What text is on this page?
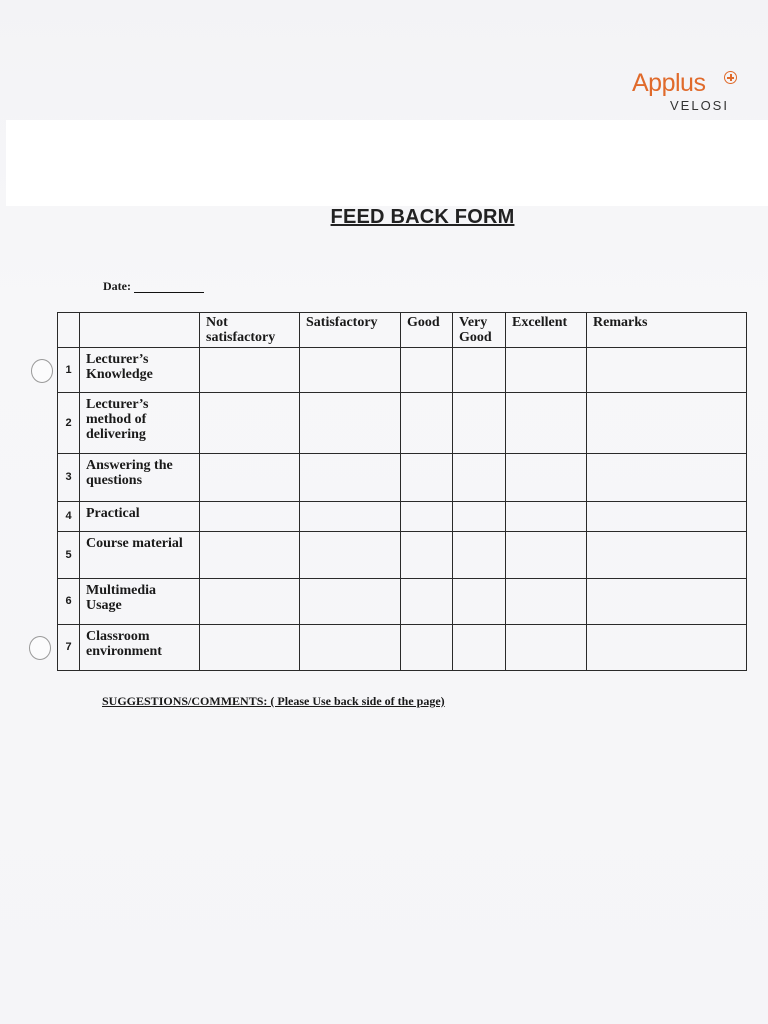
Applus
VELOSI
FEED BACK FORM
Date:
		Not satisfactory	Satisfactory	Good	Very Good	Excellent	Remarks
1	Lecturer’s Knowledge						
2	Lecturer’s method of delivering						
3	Answering the questions						
4	Practical						
5	Course material						
6	Multimedia Usage						
7	Classroom environment						
SUGGESTIONS/COMMENTS: ( Please Use back side of the page)
